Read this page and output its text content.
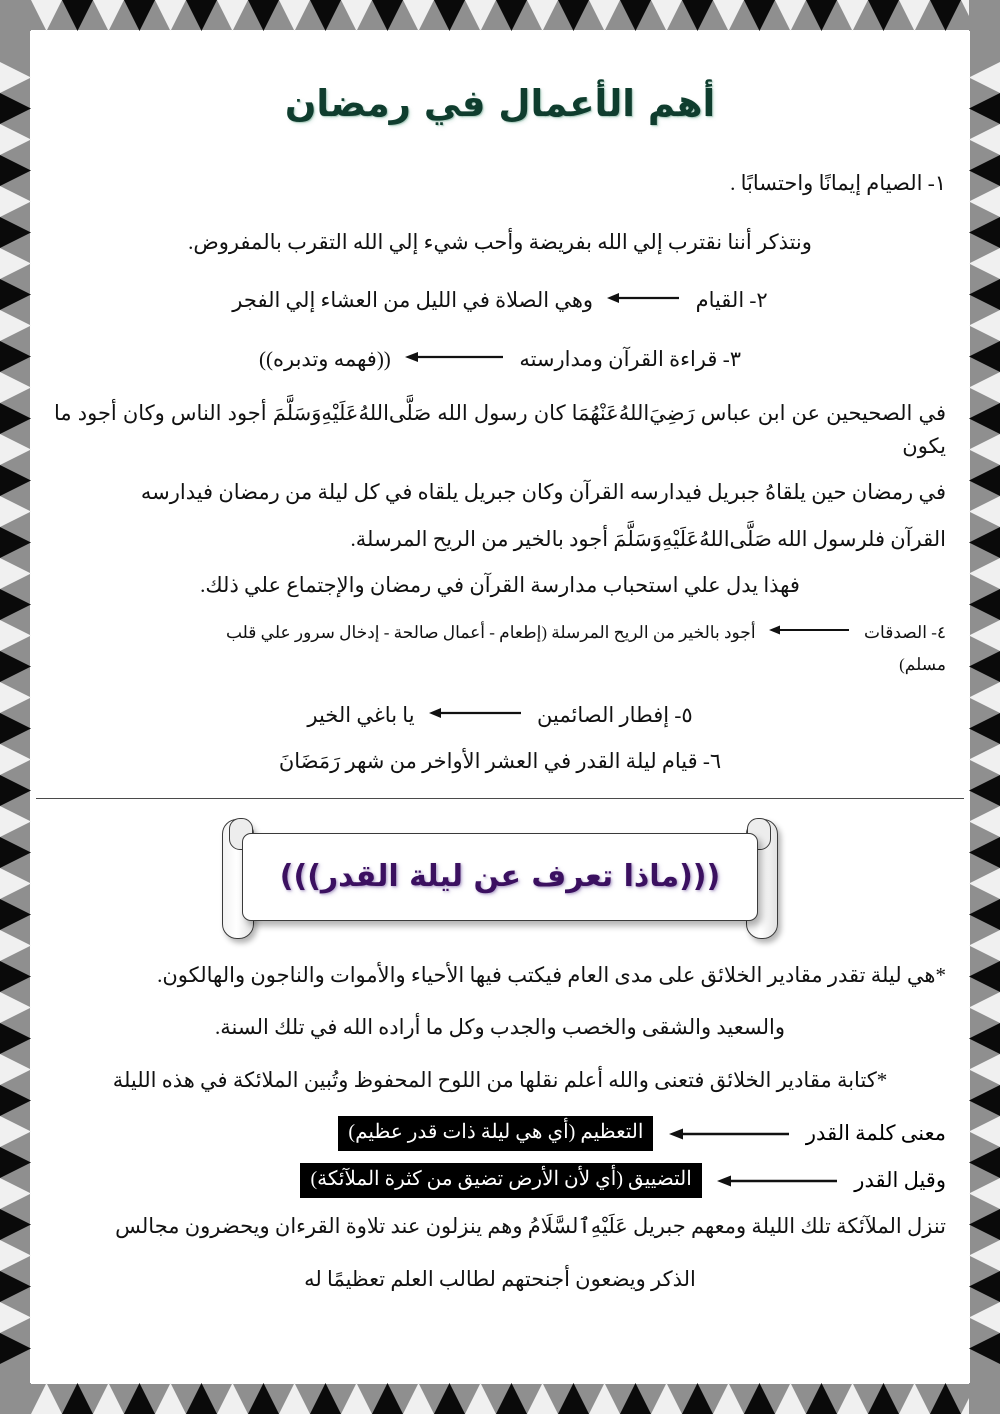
أهم الأعمال في رمضان
١- الصيام إيمانًا واحتسابًا .
ونتذكر أننا نقترب إلي الله بفريضة وأحب شيء إلي الله التقرب بالمفروض.
٢- القيام
وهي الصلاة في الليل من العشاء إلي الفجر
٣- قراءة القرآن ومدارسته
((فهمه وتدبره))
في الصحيحين عن ابن عباس رَضِيَ‌اللهُ‌عَنْهُمَا كان رسول الله صَلَّى‌اللهُ‌عَلَيْهِ‌وَسَلَّمَ أجود الناس وكان أجود ما يكون
في رمضان حين يلقاهُ جبريل فيدارسه القرآن وكان جبريل يلقاه في كل ليلة من رمضان فيدارسه
القرآن فلرسول الله صَلَّى‌اللهُ‌عَلَيْهِ‌وَسَلَّمَ أجود بالخير من الريح المرسلة.
فهذا يدل علي استحباب مدارسة القرآن في رمضان والإجتماع علي ذلك.
٤- الصدقات
أجود بالخير من الريح المرسلة (إطعام - أعمال صالحة - إدخال سرور علي قلب
مسلم)
٥- إفطار الصائمين
يا باغي الخير
٦- قيام ليلة القدر في العشر الأواخر من شهر رَمَضَانَ
(((ماذا تعرف عن ليلة القدر)))
*هي ليلة تقدر مقادير الخلائق على مدى العام فيكتب فيها الأحياء والأموات والناجون والهالكون.
والسعيد والشقى والخصب والجدب وكل ما أراده الله في تلك السنة.
*كتابة مقادير الخلائق فتعنى والله أعلم نقلها من اللوح المحفوظ وتُبين الملائكة في هذه الليلة
معنى كلمة القدر
التعظيم (أي هي ليلة ذات قدر عظيم)
وقيل القدر
التضييق (أي لأن الأرض تضيق من كثرة الملآئكة)
تنزل الملآئكة تلك الليلة ومعهم جبريل عَلَيْهِ‌ٱلسَّلَامُ وهم ينزلون عند تلاوة القرءان ويحضرون مجالس
الذكر ويضعون أجنحتهم لطالب العلم تعظيمًا له
